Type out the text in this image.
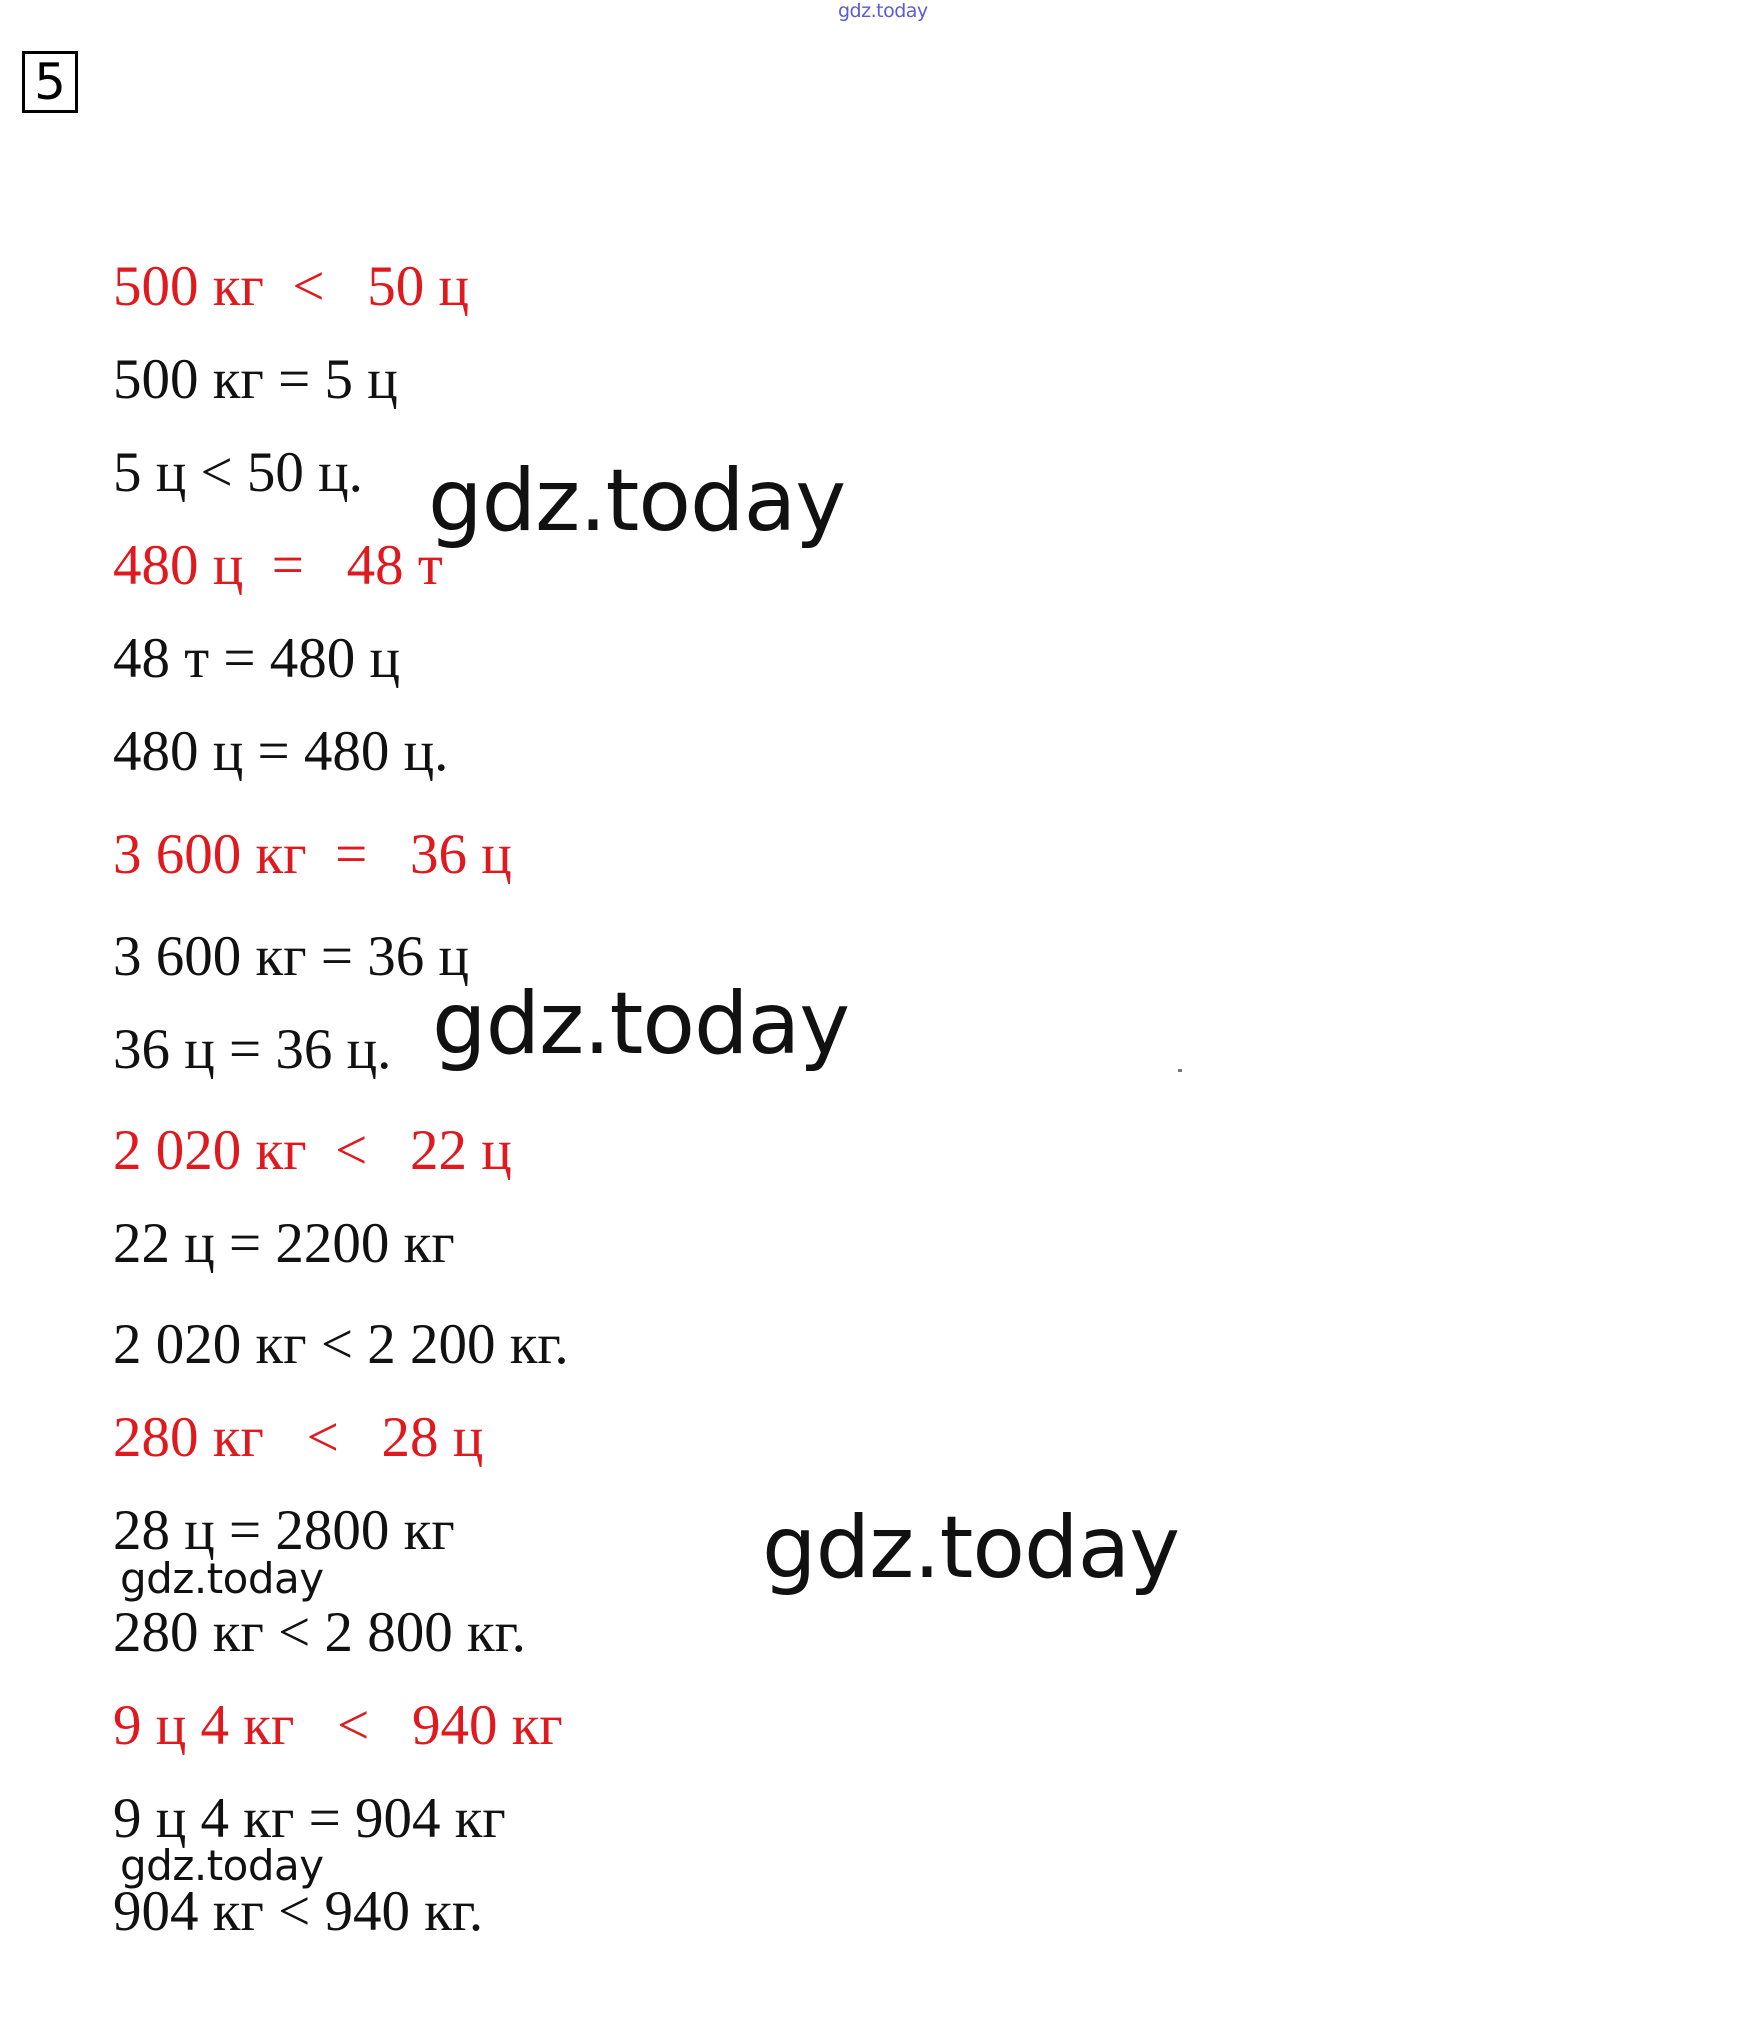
gdz.today
5
500 кг  <   50 ц
500 кг = 5 ц
5 ц < 50 ц.
480 ц  =   48 т
48 т = 480 ц
480 ц = 480 ц.
3 600 кг  =   36 ц
3 600 кг = 36 ц
36 ц = 36 ц.
2 020 кг  <   22 ц
22 ц = 2200 кг
2 020 кг < 2 200 кг.
280 кг   <   28 ц
28 ц = 2800 кг
280 кг < 2 800 кг.
9 ц 4 кг   <   940 кг
9 ц 4 кг = 904 кг
904 кг < 940 кг.
gdz.today
gdz.today
gdz.today
gdz.today
gdz.today
